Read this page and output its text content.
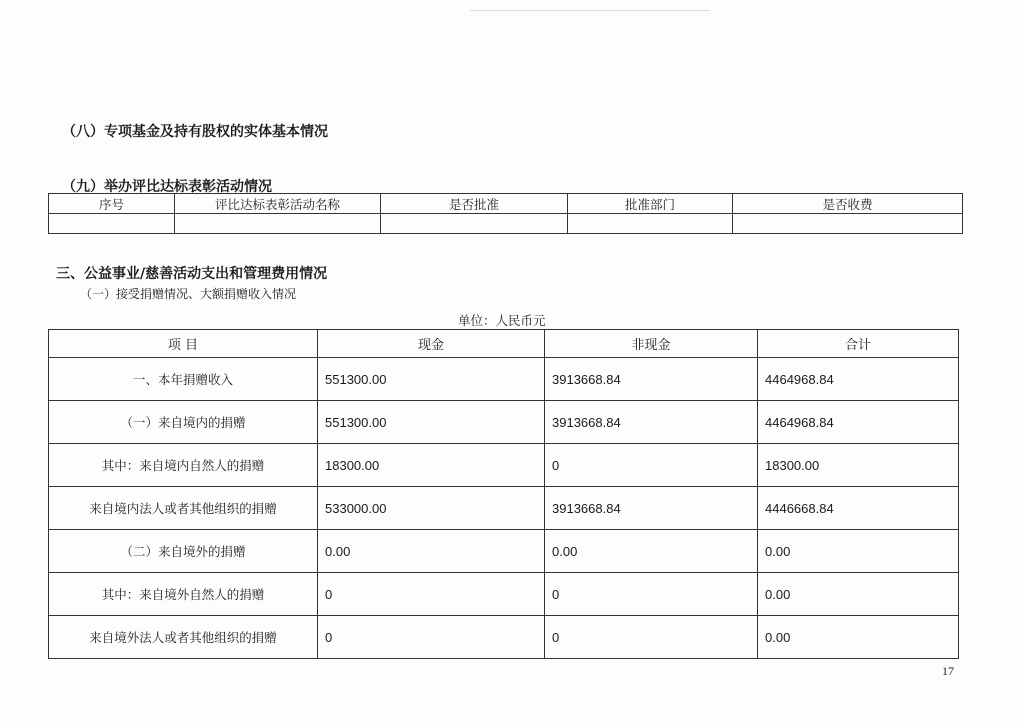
（八）专项基金及持有股权的实体基本情况
（九）举办评比达标表彰活动情况
序号	评比达标表彰活动名称	是否批准	批准部门	是否收费

三、公益事业/慈善活动支出和管理费用情况

（一）接受捐赠情况、大额捐赠收入情况

单位：人民币元
项 目	现金	非现金	合计
一、本年捐赠收入	551300.00	3913668.84	4464968.84
（一）来自境内的捐赠	551300.00	3913668.84	4464968.84
其中：来自境内自然人的捐赠	18300.00	0	18300.00
来自境内法人或者其他组织的捐赠	533000.00	3913668.84	4446668.84
（二）来自境外的捐赠	0.00	0.00	0.00
其中：来自境外自然人的捐赠	0	0	0.00
来自境外法人或者其他组织的捐赠	0	0	0.00
17
